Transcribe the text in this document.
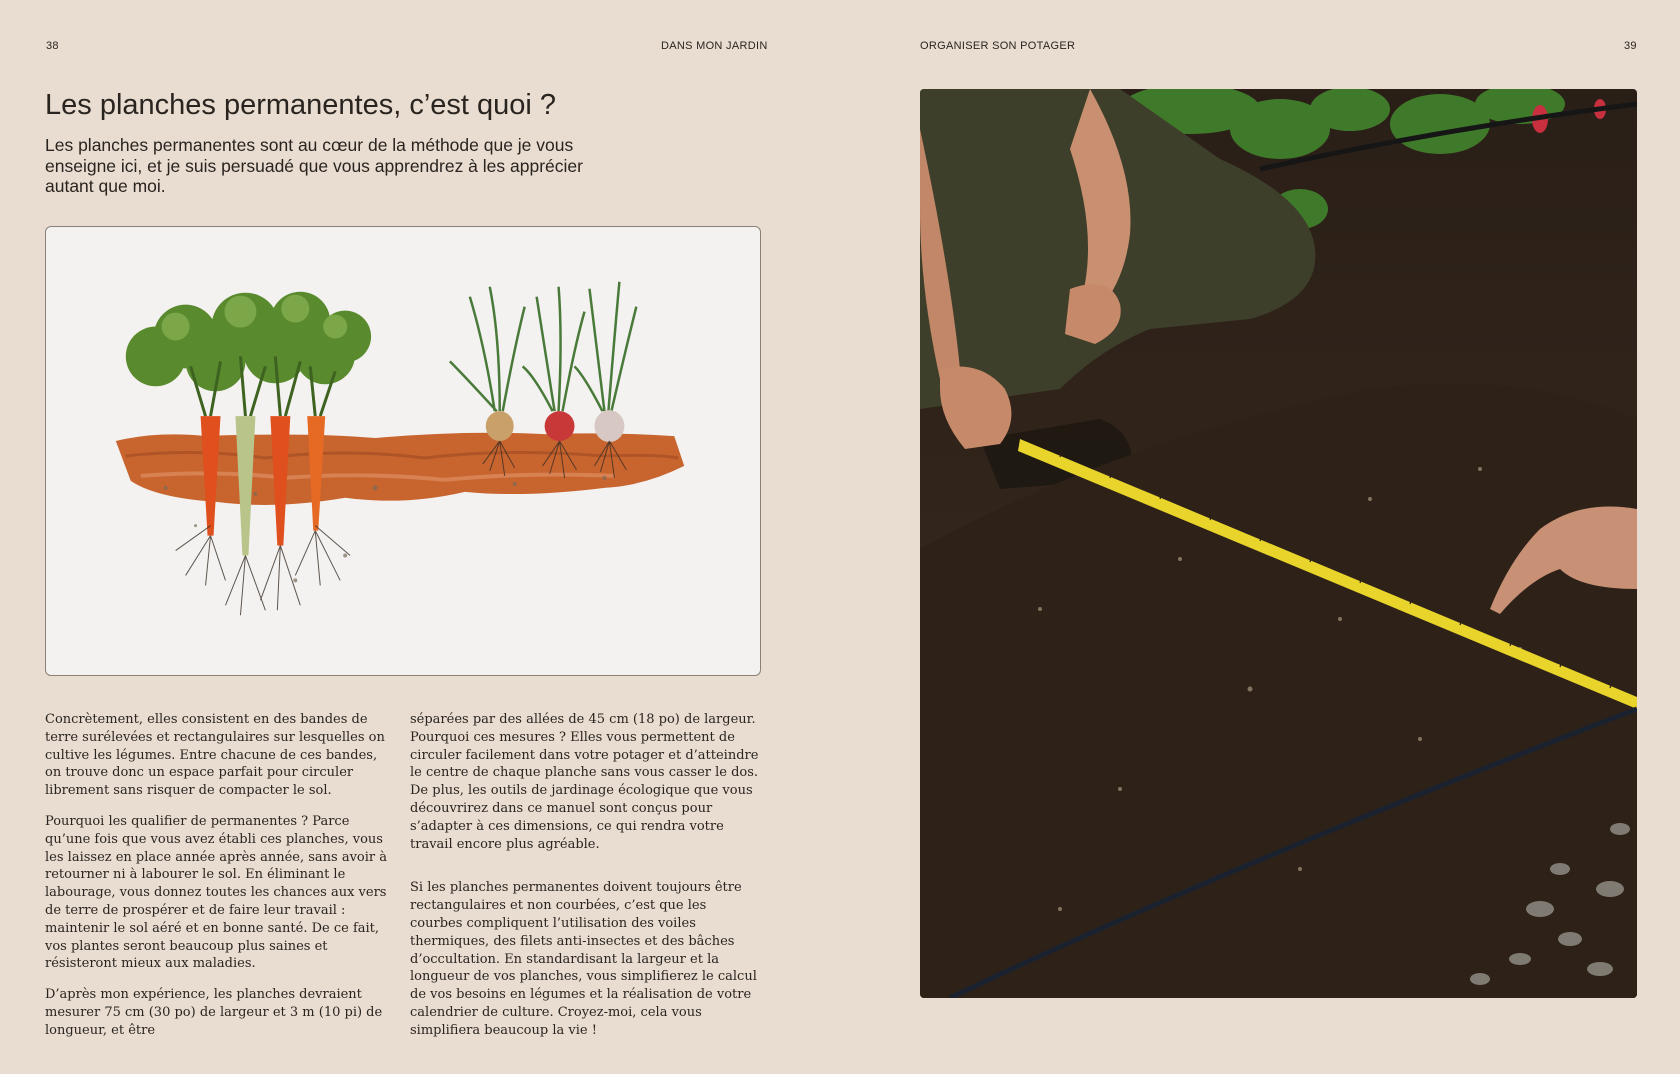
38	DANS MON JARDIN	ORGANISER SON POTAGER	39
Les planches permanentes, c’est quoi ?

Les planches permanentes sont au cœur de la méthode que je vous enseigne ici, et je suis persuadé que vous apprendrez à les apprécier autant que moi.

Concrètement, elles consistent en des bandes de terre surélevées et rectangulaires sur lesquelles on cultive les légumes. Entre chacune de ces bandes, on trouve donc un espace parfait pour circuler librement sans risquer de compacter le sol.

Pourquoi les qualifier de permanentes ? Parce qu’une fois que vous avez établi ces planches, vous les laissez en place année après année, sans avoir à retourner ni à labourer le sol. En éliminant le labourage, vous donnez toutes les chances aux vers de terre de prospérer et de faire leur travail : maintenir le sol aéré et en bonne santé. De ce fait, vos plantes seront beaucoup plus saines et résisteront mieux aux maladies.

D’après mon expérience, les planches devraient mesurer 75 cm (30 po) de largeur et 3 m (10 pi) de longueur, et être

séparées par des allées de 45 cm (18 po) de largeur. Pourquoi ces mesures ? Elles vous permettent de circuler facilement dans votre potager et d’atteindre le centre de chaque planche sans vous casser le dos. De plus, les outils de jardinage écologique que vous découvrirez dans ce manuel sont conçus pour s’adapter à ces dimensions, ce qui rendra votre travail encore plus agréable.

Si les planches permanentes doivent toujours être rectangulaires et non courbées, c’est que les courbes compliquent l’utilisation des voiles thermiques, des filets anti-insectes et des bâches d’occultation. En standardisant la largeur et la longueur de vos planches, vous simplifierez le calcul de vos besoins en légumes et la réalisation de votre calendrier de culture. Croyez-moi, cela vous simplifiera beaucoup la vie !
